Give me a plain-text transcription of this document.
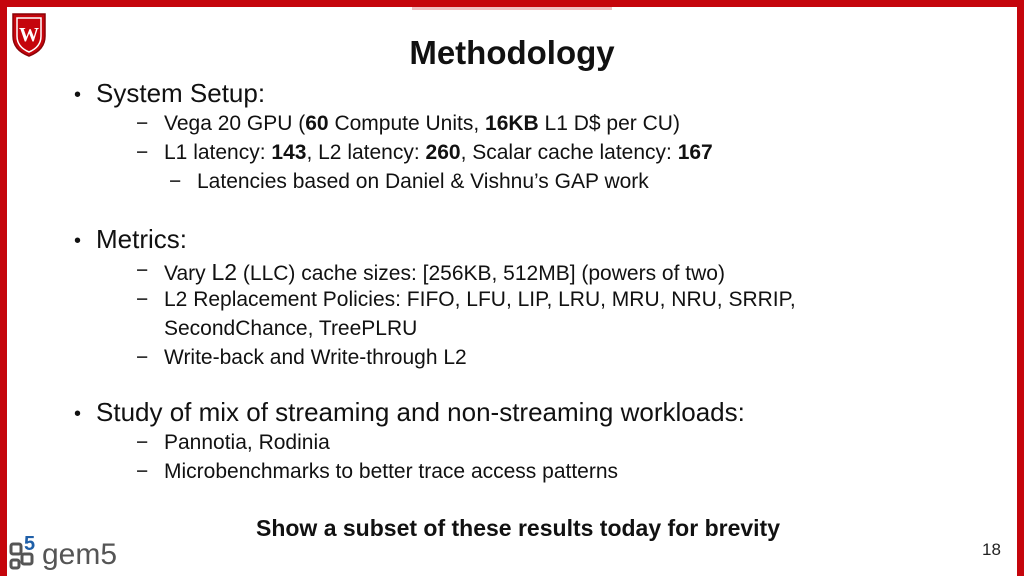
W	Methodology
• System Setup:
− Vega 20 GPU (60 Compute Units, 16KB L1 D$ per CU)
− L1 latency: 143, L2 latency: 260, Scalar cache latency: 167
− Latencies based on Daniel & Vishnu’s GAP work
• Metrics:
− Vary L2 (LLC) cache sizes: [256KB, 512MB] (powers of two)
− L2 Replacement Policies: FIFO, LFU, LIP, LRU, MRU, NRU, SRRIP,
SecondChance, TreePLRU
− Write-back and Write-through L2
• Study of mix of streaming and non-streaming workloads:
− Pannotia, Rodinia
− Microbenchmarks to better trace access patterns
Show a subset of these results today for brevity
5 gem5	18
